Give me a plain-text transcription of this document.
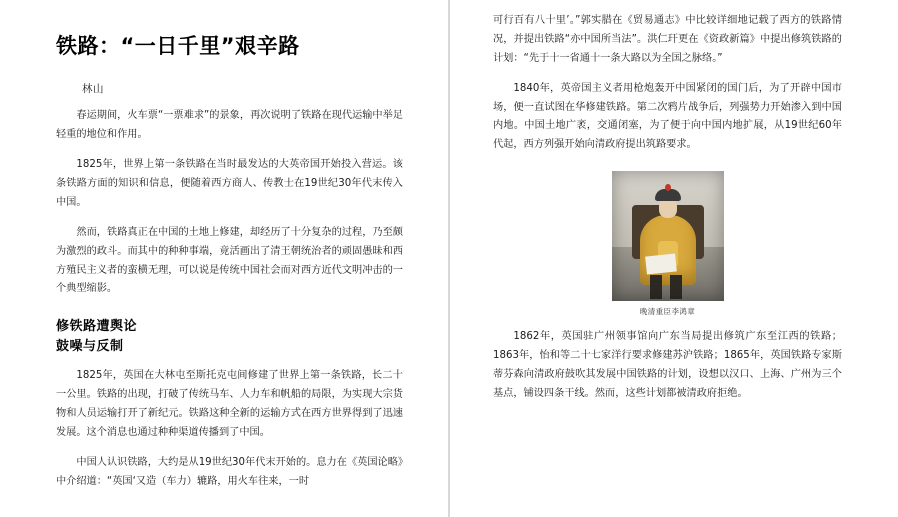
铁路：“一日千里”艰辛路
林山

春运期间，火车票“一票难求”的景象，再次说明了铁路在现代运输中举足轻重的地位和作用。

1825年，世界上第一条铁路在当时最发达的大英帝国开始投入营运。该条铁路方面的知识和信息，便随着西方商人、传教士在19世纪30年代末传入中国。

然而，铁路真正在中国的土地上修建，却经历了十分复杂的过程，乃至颇为激烈的政斗。而其中的种种事端，竟活画出了清王朝统治者的顽固愚昧和西方殖民主义者的蛮横无理，可以说是传统中国社会而对西方近代文明冲击的一个典型缩影。

修铁路遭舆论
鼓噪与反制

1825年，英国在大林屯至斯托克屯间修建了世界上第一条铁路，长二十一公里。铁路的出现，打破了传统马车、人力车和帆船的局限，为实现大宗货物和人员运输打开了新纪元。铁路这种全新的运输方式在西方世界得到了迅速发展。这个消息也通过种种渠道传播到了中国。

中国人认识铁路，大约是从19世纪30年代末开始的。息力在《英国论略》中介绍道：“英国‘又造（车力）辘路，用火车往来，一时

可行百有八十里’。”郭实腊在《贸易通志》中比较详细地记载了西方的铁路情况，并提出铁路“亦中国所当法”。洪仁玕更在《资政新篇》中提出修筑铁路的计划：“先于十一省通十一条大路以为全国之脉络。”

1840年，英帝国主义者用枪炮轰开中国紧闭的国门后，为了开辟中国市场，便一直试图在华修建铁路。第二次鸦片战争后，列强势力开始渗入到中国内地。中国土地广袤，交通闭塞，为了便于向中国内地扩展，从19世纪60年代起，西方列强开始向清政府提出筑路要求。

晚清重臣李鸿章

1862年，英国驻广州领事馆向广东当局提出修筑广东至江西的铁路；1863年，怡和等二十七家洋行要求修建苏沪铁路；1865年，英国铁路专家斯蒂芬森向清政府鼓吹其发展中国铁路的计划，设想以汉口、上海、广州为三个基点，铺设四条干线。然而，这些计划都被清政府拒绝。
